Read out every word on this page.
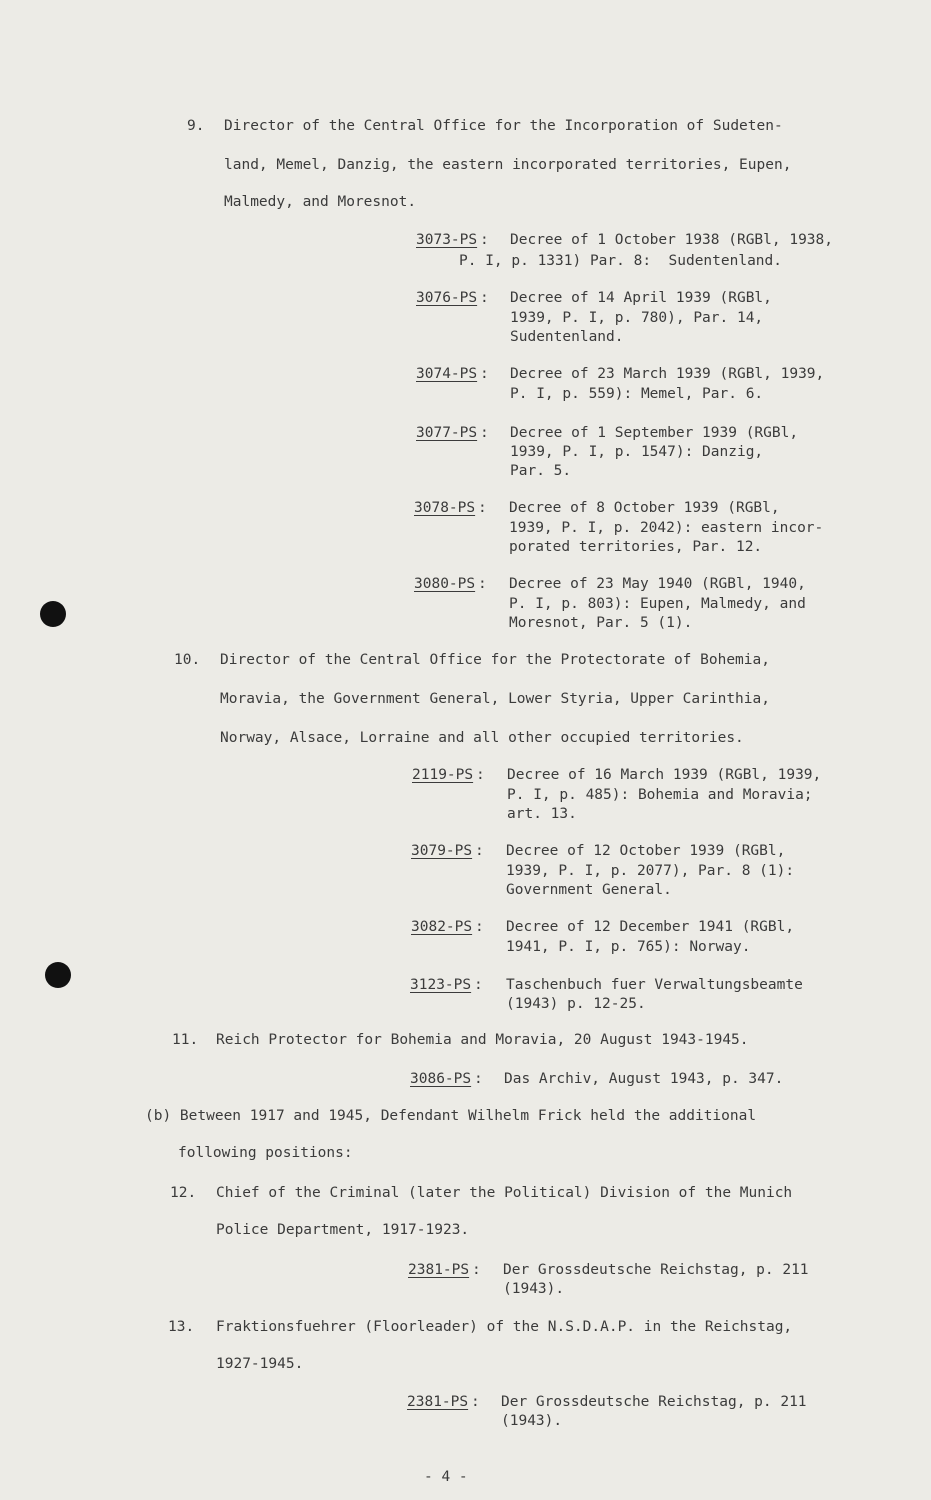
9. Director of the Central Office for the Incorporation of Sudeten-
land, Memel, Danzig, the eastern incorporated territories, Eupen,
Malmedy, and Moresnot.
3073-PS : Decree of 1 October 1938 (RGBl, 1938,
P. I, p. 1331) Par. 8:  Sudentenland.
3076-PS : Decree of 14 April 1939 (RGBl,
1939, P. I, p. 780), Par. 14,
Sudentenland.
3074-PS : Decree of 23 March 1939 (RGBl, 1939,
P. I, p. 559): Memel, Par. 6.
3077-PS : Decree of 1 September 1939 (RGBl,
1939, P. I, p. 1547): Danzig,
Par. 5.
3078-PS : Decree of 8 October 1939 (RGBl,
1939, P. I, p. 2042): eastern incor-
porated territories, Par. 12.
3080-PS : Decree of 23 May 1940 (RGBl, 1940,
P. I, p. 803): Eupen, Malmedy, and
Moresnot, Par. 5 (1).
10. Director of the Central Office for the Protectorate of Bohemia,
Moravia, the Government General, Lower Styria, Upper Carinthia,
Norway, Alsace, Lorraine and all other occupied territories.
2119-PS : Decree of 16 March 1939 (RGBl, 1939,
P. I, p. 485): Bohemia and Moravia;
art. 13.
3079-PS : Decree of 12 October 1939 (RGBl,
1939, P. I, p. 2077), Par. 8 (1):
Government General.
3082-PS : Decree of 12 December 1941 (RGBl,
1941, P. I, p. 765): Norway.
3123-PS : Taschenbuch fuer Verwaltungsbeamte
(1943) p. 12-25.
11. Reich Protector for Bohemia and Moravia, 20 August 1943-1945.
3086-PS : Das Archiv, August 1943, p. 347.
(b) Between 1917 and 1945, Defendant Wilhelm Frick held the additional
following positions:
12. Chief of the Criminal (later the Political) Division of the Munich
Police Department, 1917-1923.
2381-PS : Der Grossdeutsche Reichstag, p. 211
(1943).
13. Fraktionsfuehrer (Floorleader) of the N.S.D.A.P. in the Reichstag,
1927-1945.
2381-PS : Der Grossdeutsche Reichstag, p. 211
(1943).
- 4 -
